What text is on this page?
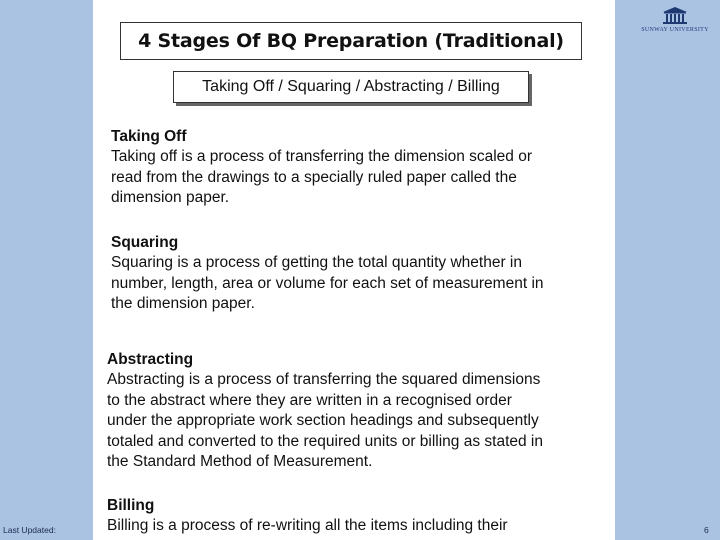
4 Stages Of BQ Preparation (Traditional)
Taking Off / Squaring / Abstracting / Billing

Taking Off

Taking off is a process of transferring the dimension scaled or
read from the drawings to a specially ruled paper called the
dimension paper.

Squaring

Squaring is a process of getting the total quantity whether in
number, length, area or volume for each set of measurement in
the dimension paper.

Abstracting

Abstracting is a process of transferring the squared dimensions
to the abstract where they are written in a recognised order
under the appropriate work section headings and subsequently
totaled and converted to the required units or billing as stated in
the Standard Method of Measurement.

Billing

Billing is a process of re-writing all the items including their

SUNWAY UNIVERSITY
Last Updated:	6
